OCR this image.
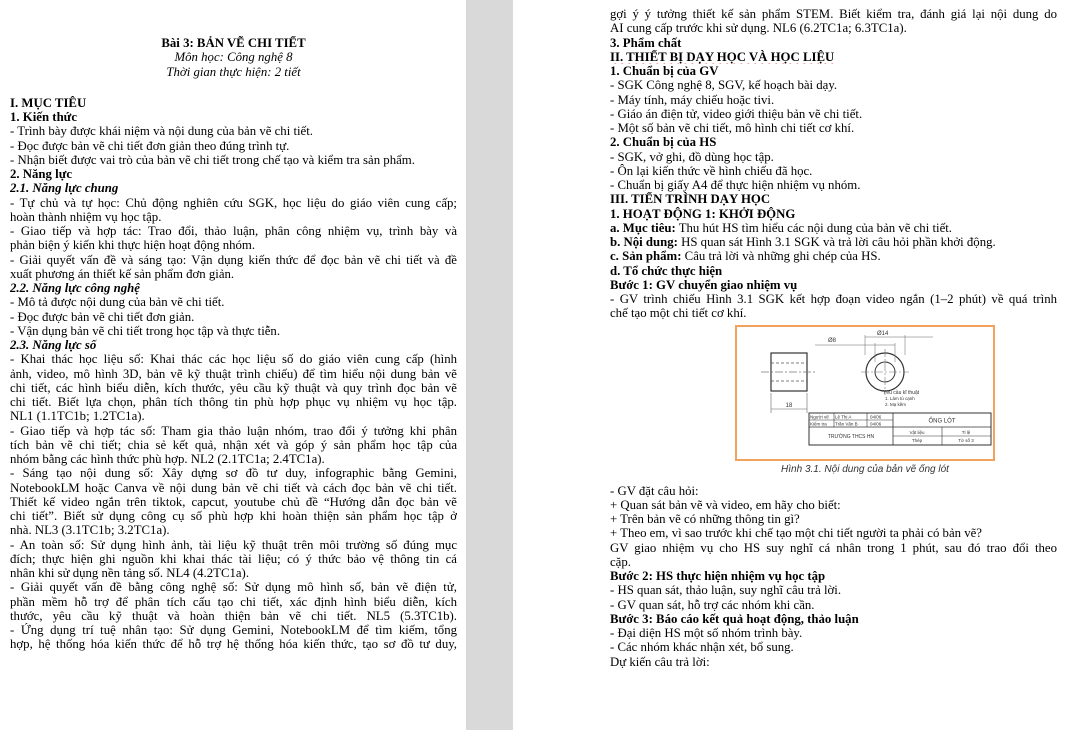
Bài 3: BẢN VẼ CHI TIẾT
Môn học: Công nghệ 8
Thời gian thực hiện: 2 tiết
I. MỤC TIÊU
1. Kiến thức
- Trình bày được khái niệm và nội dung của bản vẽ chi tiết.
- Đọc được bản vẽ chi tiết đơn giản theo đúng trình tự.
- Nhận biết được vai trò của bản vẽ chi tiết trong chế tạo và kiểm tra sản phẩm.
2. Năng lực
2.1. Năng lực chung
- Tự chủ và tự học: Chủ động nghiên cứu SGK, học liệu do giáo viên cung cấp;
hoàn thành nhiệm vụ học tập.
- Giao tiếp và hợp tác: Trao đổi, thảo luận, phân công nhiệm vụ, trình bày và
phản biện ý kiến khi thực hiện hoạt động nhóm.
- Giải quyết vấn đề và sáng tạo: Vận dụng kiến thức để đọc bản vẽ chi tiết và đề
xuất phương án thiết kế sản phẩm đơn giản.
2.2. Năng lực công nghệ
- Mô tả được nội dung của bản vẽ chi tiết.
- Đọc được bản vẽ chi tiết đơn giản.
- Vận dụng bản vẽ chi tiết trong học tập và thực tiễn.
2.3. Năng lực số
- Khai thác học liệu số: Khai thác các học liệu số do giáo viên cung cấp (hình
ảnh, video, mô hình 3D, bản vẽ kỹ thuật trình chiếu) để tìm hiểu nội dung bản vẽ
chi tiết, các hình biểu diễn, kích thước, yêu cầu kỹ thuật và quy trình đọc bản vẽ
chi tiết. Biết lựa chọn, phân tích thông tin phù hợp phục vụ nhiệm vụ học tập.
NL1 (1.1TC1b; 1.2TC1a).
- Giao tiếp và hợp tác số: Tham gia thảo luận nhóm, trao đổi ý tưởng khi phân
tích bản vẽ chi tiết; chia sẻ kết quả, nhận xét và góp ý sản phẩm học tập của
nhóm bằng các hình thức phù hợp. NL2 (2.1TC1a; 2.4TC1a).
- Sáng tạo nội dung số: Xây dựng sơ đồ tư duy, infographic bằng Gemini,
NotebookLM hoặc Canva về nội dung bản vẽ chi tiết và cách đọc bản vẽ chi tiết.
Thiết kế video ngắn trên tiktok, capcut, youtube chủ đề “Hướng dẫn đọc bản vẽ
chi tiết”. Biết sử dụng công cụ số phù hợp khi hoàn thiện sản phẩm học tập ở
nhà. NL3 (3.1TC1b; 3.2TC1a).
- An toàn số: Sử dụng hình ảnh, tài liệu kỹ thuật trên môi trường số đúng mục
đích; thực hiện ghi nguồn khi khai thác tài liệu; có ý thức bảo vệ thông tin cá
nhân khi sử dụng nền tảng số. NL4 (4.2TC1a).
- Giải quyết vấn đề bằng công nghệ số: Sử dụng mô hình số, bản vẽ điện tử,
phần mềm hỗ trợ để phân tích cấu tạo chi tiết, xác định hình biểu diễn, kích
thước, yêu cầu kỹ thuật và hoàn thiện bản vẽ chi tiết. NL5 (5.3TC1b).
- Ứng dụng trí tuệ nhân tạo: Sử dụng Gemini, NotebookLM để tìm kiếm, tổng
hợp, hệ thống hóa kiến thức để hỗ trợ hệ thống hóa kiến thức, tạo sơ đồ tư duy,
gợi ý ý tưởng thiết kế sản phẩm STEM. Biết kiểm tra, đánh giá lại nội dung do
AI cung cấp trước khi sử dụng. NL6 (6.2TC1a; 6.3TC1a).
3. Phẩm chất
II. THIẾT BỊ DẠY HỌC VÀ HỌC LIỆU
1. Chuẩn bị của GV
- SGK Công nghệ 8, SGV, kế hoạch bài dạy.
- Máy tính, máy chiếu hoặc tivi.
- Giáo án điện tử, video giới thiệu bản vẽ chi tiết.
- Một số bản vẽ chi tiết, mô hình chi tiết cơ khí.
2. Chuẩn bị của HS
- SGK, vở ghi, đồ dùng học tập.
- Ôn lại kiến thức về hình chiếu đã học.
- Chuẩn bị giấy A4 để thực hiện nhiệm vụ nhóm.
III. TIẾN TRÌNH DẠY HỌC
1. HOẠT ĐỘNG 1: KHỞI ĐỘNG
a. Mục tiêu: Thu hút HS tìm hiểu các nội dung của bản vẽ chi tiết.
b. Nội dung: HS quan sát Hình 3.1 SGK và trả lời câu hỏi phần khởi động.
c. Sản phẩm: Câu trả lời và những ghi chép của HS.
d. Tổ chức thực hiện
Bước 1: GV chuyển giao nhiệm vụ
- GV trình chiếu Hình 3.1 SGK kết hợp đoạn video ngắn (1–2 phút) về quá trình
chế tạo một chi tiết cơ khí.
18
Ø8
Ø14
Yêu cầu kĩ thuật
1. Làm tù cạnh
2. Mạ kẽm
Người vẽ Lê Thị A	04/06
Kiểm tra Trần Văn B	04/06	ỐNG LÓT
TRƯỜNG THCS HN
Vật liệu
Thép
Tỉ lệ
Tờ số 3
Hình 3.1. Nội dung của bản vẽ ống lót
- GV đặt câu hỏi:
+ Quan sát bản vẽ và video, em hãy cho biết:
+ Trên bản vẽ có những thông tin gì?
+ Theo em, vì sao trước khi chế tạo một chi tiết người ta phải có bản vẽ?
GV giao nhiệm vụ cho HS suy nghĩ cá nhân trong 1 phút, sau đó trao đổi theo
cặp.
Bước 2: HS thực hiện nhiệm vụ học tập
- HS quan sát, thảo luận, suy nghĩ câu trả lời.
- GV quan sát, hỗ trợ các nhóm khi cần.
Bước 3: Báo cáo kết quả hoạt động, thảo luận
- Đại diện HS một số nhóm trình bày.
- Các nhóm khác nhận xét, bổ sung.
Dự kiến câu trả lời:
